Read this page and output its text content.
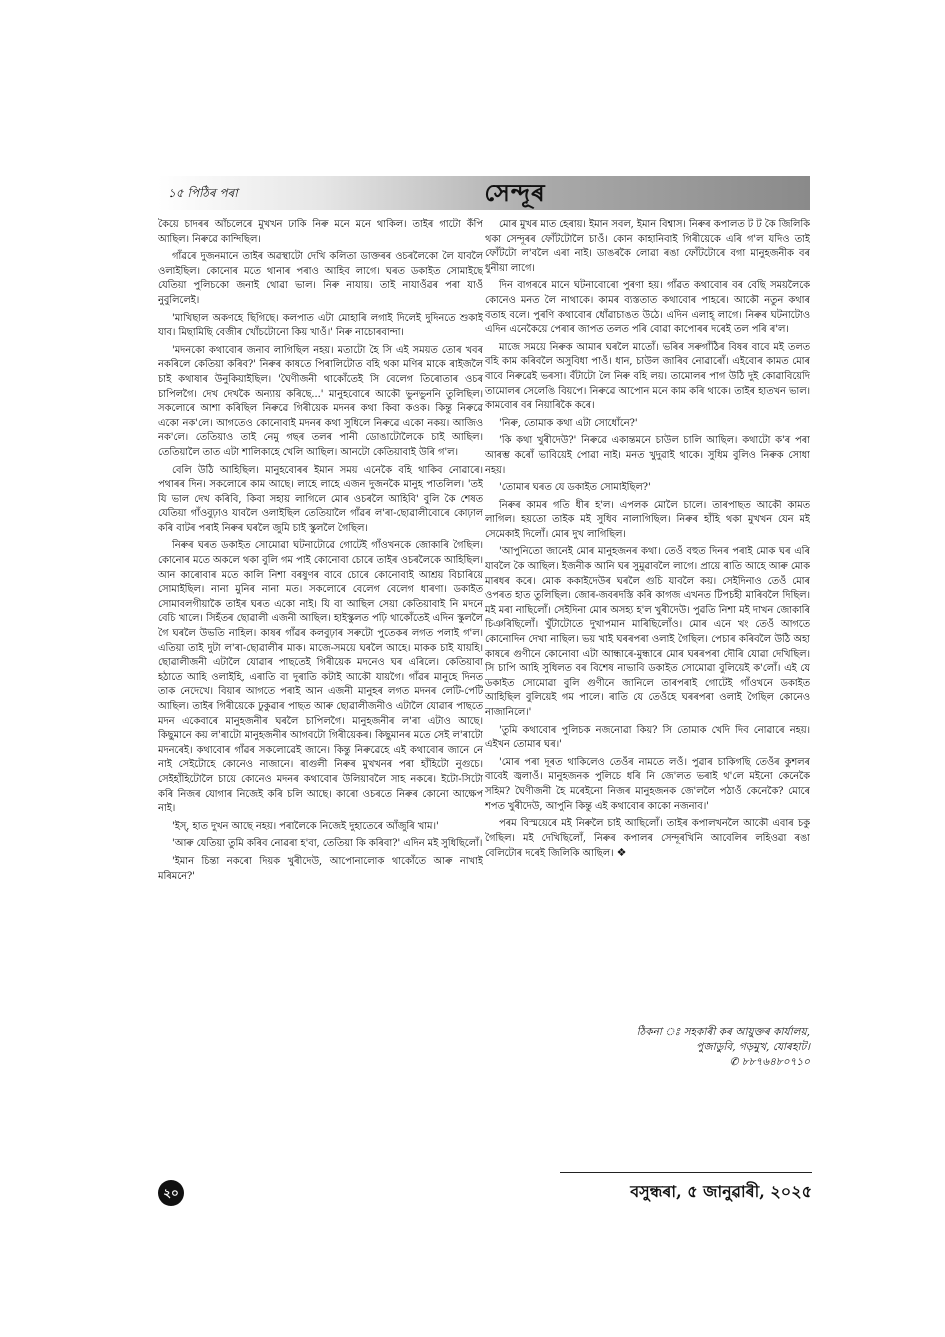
১৫ পিঠিৰ পৰা	সেন্দূৰ

কৈয়ে চাদৰৰ আঁচলেৰে মুখখন ঢাকি নিৰু মনে মনে থাকিল। তাইৰ গাটো কঁপি আছিল। নিৰুৱে কান্দিছিল।

গাঁৱৰে দুজনমানে তাইৰ অৱস্থাটো দেখি কলিতা ডাক্তৰৰ ওচৰলৈকো লৈ যাবলৈ ওলাইছিল। কোনোৰ মতে থানাৰ পৰাও আহিব লাগে। ঘৰত ডকাইত সোমাইছে যেতিয়া পুলিচকো জনাই থোৱা ভাল। নিৰু নাযায়। তাই নাযাওঁৱৰ পৰা যাওঁ নুবুলিলেই।

'মাখিছাল অকণহে ছিগিছে। কলপাত এটা মোহাৰি লগাই দিলেই দুদিনতে শুকাই যাব। মিছামিছি বেজীৰ খোঁচটোনো কিয় খাওঁ।' নিৰু নাচোৰবান্দা।

'মদনকো কথাবোৰ জনাব লাগিছিল নহয়। মতাটো হৈ সি এই সময়ত তোৰ খবৰ নকৰিলে কেতিয়া কৰিব?' নিৰুৰ কাষতে পিৰালিটোত বহি থকা মণিৰ মাকে ৰাইজলৈ চাই কথাষাৰ উনুকিয়াইছিল। 'ঘৈণীজনী থাকোঁতেই সি বেলেগ তিৰোতাৰ ওচৰ চাপিলগৈ। দেখ দেখকৈ অন্যায় কৰিছে...' মানুহবোৰে আকৌ ভুনভুননি তুলিছিল। সকলোৰে আশা কৰিছিল নিৰুৱে গিৰীয়েক মদনৰ কথা কিবা কওক। কিন্তু নিৰুৱে একো নক'লে। আগতেও কোনোবাই মদনৰ কথা সুধিলে নিৰুৱে একো নকয়। আজিও নক'লে। তেতিয়াও তাই নেমু গছৰ তলৰ পানী ডোঙাটোলৈকে চাই আছিল। তেতিয়ালৈ তাত এটা শালিকাহে খেলি আছিল। আনটো কেতিয়াবাই উৰি গ'ল।

বেলি উঠি আহিছিল। মানুহবোৰৰ ইমান সময় এনেকৈ বহি থাকিব নোৱাৰে। পথাৰৰ দিন। সকলোৰে কাম আছে। লাহে লাহে এজন দুজনকৈ মানুহ পাতলিল। 'তই যি ভাল দেখ কৰিবি, কিবা সহায় লাগিলে মোৰ ওচৰলৈ আহিবি' বুলি কৈ শেষত যেতিয়া গাঁওবুঢ়াও যাবলৈ ওলাইছিল তেতিয়ালৈ গাঁৱৰ ল'ৰা-ছোৱালীবোৰে কোঢ়াল কৰি বাটৰ পৰাই নিৰুৰ ঘৰলৈ জুমি চাই স্কুললৈ গৈছিল।

নিৰুৰ ঘৰত ডকাইত সোমোৱা ঘটনাটোৱে গোটেই গাঁওখনকে জোকাৰি গৈছিল। কোনোৰ মতে অকলে থকা বুলি গম পাই কোনোবা চোৰে তাইৰ ওচৰলৈকে আহিছিল। আন কাৰোবাৰ মতে কালি নিশা বৰষুণৰ বাবে চোৰে কোনোবাই আশ্ৰয় বিচাৰিয়ে সোমাইছিল। নানা মুনিৰ নানা মত। সকলোৰে বেলেগ বেলেগ ধাৰণা। ডকাইত সোমাবলগীয়াকৈ তাইৰ ঘৰত একো নাই। যি বা আছিল সেয়া কেতিয়াবাই নি মদনে বেচি খালে। সিহঁতৰ ছোৱালী এজনী আছিল। হাইস্কুলত পঢ়ি থাকোঁতেই এদিন স্কুললৈ গৈ ঘৰলৈ উভতি নাহিল। কাষৰ গাঁৱৰ কলবুঢ়াৰ সৰুটো পুতেকৰ লগত পলাই গ'ল। এতিয়া তাই দুটা ল'ৰা-ছোৱালীৰ মাক। মাজে-সময়ে ঘৰলৈ আহে। মাকক চাই যায়হি। ছোৱালীজনী এটালৈ যোৱাৰ পাছতেই গিৰীয়েক মদনেও ঘৰ এৰিলে। কেতিয়াবা হঠাতে আহি ওলাইহি, এৰাতি বা দুৰাতি কটাই আকৌ যায়গৈ। গাঁৱৰ মানুহে দিনত তাক নেদেখে। বিয়াৰ আগতে পৰাই আন এজনী মানুহৰ লগত মদনৰ লেটি-পেটি আছিল। তাইৰ গিৰীয়েকে ঢুকুৱাৰ পাছত আৰু ছোৱালীজনীও এটালৈ যোৱাৰ পাছতে মদন একেবাৰে মানুহজনীৰ ঘৰলৈ চাপিলগৈ। মানুহজনীৰ ল'ৰা এটাও আছে। কিছুমানে কয় ল'ৰাটো মানুহজনীৰ আগবটো গিৰীয়েকৰ। কিছুমানৰ মতে সেই ল'ৰাটো মদনৰেই। কথাবোৰ গাঁৱৰ সকলোৱেই জানে। কিন্তু নিৰুৱেহে এই কথাবোৰ জানে নে নাই সেইটোহে কোনেও নাজানে। ৰাগুলী নিৰুৰ মুখখনৰ পৰা হাঁহিটো নুগুচে। সেইহাঁহিটোলৈ চায়ে কোনেও মদনৰ কথাবোৰ উলিয়াবলৈ সাহ নকৰে। ইটো-সিটো কৰি নিজৰ যোগাৰ নিজেই কৰি চলি আছে। কাৰো ওচৰতে নিৰুৰ কোনো আক্ষেপ নাই।

'ইস্, হাত দুখন আছে নহয়। পৰালৈকে নিজেই দুহাতেৰে আঁজুৰি খাম।'

'আৰু যেতিয়া তুমি কৰিব নোৱৰা হ'বা, তেতিয়া কি কৰিবা?' এদিন মই সুধিছিলোঁ।

'ইমান চিন্তা নকৰো দিয়ক খুৰীদেউ, আপোনালোক থাকোঁতে আৰু নাখাই মৰিমনে?'

মোৰ মুখৰ মাত হেৰায়। ইমান সবল, ইমান বিশ্বাস। নিৰুৰ কপালত ট ট কৈ জিলিকি থকা সেন্দূৰৰ ফোঁটটোলৈ চাওঁ। কোন কাহানিবাই গিৰীয়েকে এৰি গ'ল যদিও তাই ফোঁটটো ল'বলৈ এৰা নাই। ডাঙৰকৈ লোৱা ৰঙা ফোঁটটোৰে বগা মানুহজনীক বৰ ধুনীয়া লাগে।

দিন বাগৰৰে মানে ঘটনাবোৰো পুৰণা হয়। গাঁৱত কথাবোৰ বৰ বেছি সময়লৈকে কোনেও মনত লৈ নাথাকে। কামৰ ব্যস্ততাত কথাবোৰ পাহৰে। আকৌ নতুন কথাৰ বতাহ বলে। পুৰণি কথাবোৰ ধোঁৱাচাঙত উঠে। এদিন এলাহ্ লাগে। নিৰুৰ ঘটনাটোও এদিন এনেকৈয়ে পেৰাৰ জাপত তলত পৰি বোৱা কাপোৰৰ দৰেই তল পৰি ৰ'ল।

মাজে সময়ে নিৰুক আমাৰ ঘৰলৈ মাতোঁ। ভৰিৰ সৰুগাঁঠিৰ বিষৰ বাবে মই তলত বহি কাম কৰিবলৈ অসুবিধা পাওঁ। ধান, চাউল জাৰিব নোৱাৰোঁ। এইবোৰ কামত মোৰ বাবে নিৰুৱেই ভৰসা। বঁটাটো লৈ নিৰু বহি লয়। তামোলৰ পাগ উঠি দুই কোৱাবিয়েদি তামোলৰ সেলেঙি বিয়পে। নিৰুৱে আপোন মনে কাম কৰি থাকে। তাইৰ হাতখন ভাল। কামবোৰ বৰ নিয়াৰিকৈ কৰে।

'নিৰু, তোমাক কথা এটা সোধোঁনে?'

'কি কথা খুৰীদেউ?' নিৰুৱে একান্তমনে চাউল চালি আছিল। কথাটো ক'ৰ পৰা আৰম্ভ কৰোঁ ভাবিয়েই পোৱা নাই। মনত খুদুৱাই থাকে। সুধিম বুলিও নিৰুক সোধা নহয়।

'তোমাৰ ঘৰত যে ডকাইত সোমাইছিল?'

নিৰুৰ কামৰ গতি ধীৰ হ'ল। এপলক মোলৈ চালে। তাৰপাছত আকৌ কামত লাগিল। হয়তো তাইক মই সুধিব নালাগিছিল। নিৰুৰ হাঁহি থকা মুখখন যেন মই সেমেকাই দিলোঁ। মোৰ দুখ লাগিছিল।

'আপুনিতো জানেই মোৰ মানুহজনৰ কথা। তেওঁ বহুত দিনৰ পৰাই মোক ঘৰ এৰি যাবলৈ কৈ আছিল। ইজনীক আনি ঘৰ সুমুৱাবলৈ লাগে। প্ৰায়ে ৰাতি আহে আৰু মোক মাৰধৰ কৰে। মোক ককাইদেউৰ ঘৰলৈ গুচি যাবলৈ কয়। সেইদিনাও তেওঁ মোৰ ওপৰত হাত তুলিছিল। জোৰ-জবৰদস্তি কৰি কাগজ এখনত টিপচহী মাৰিবলৈ দিছিল। মই মৰা নাছিলোঁ। সেইদিনা মোৰ অসহ্য হ'ল খুৰীদেউ। পুৱতি নিশা মই দাখন জোকাৰি চিঞৰিছিলোঁ। খুঁটাটোতে দুখাপমান মাৰিছিলোঁও। মোৰ এনে খং তেওঁ আগতে কোনোদিন দেখা নাছিল। ভয় খাই ঘৰৰপৰা ওলাই গৈছিল। পেচাৰ কৰিবলৈ উঠি অহা কাষৰে গুণীনে কোনোবা এটা আন্ধাৰে-মুন্ধাৰে মোৰ ঘৰৰপৰা দৌৰি যোৱা দেখিছিল। সি চাপি আহি সুধিলত বৰ বিশেষ নাভাবি ডকাইত সোমোৱা বুলিয়েই ক'লোঁ। এই যে ডকাইত সোমোৱা বুলি গুণীনে জানিলে তাৰপৰাই গোটেই গাঁওখনে ডকাইত আহিছিল বুলিয়েই গম পালে। ৰাতি যে তেওঁহে ঘৰৰপৰা ওলাই গৈছিল কোনেও নাজানিলে।'

'তুমি কথাবোৰ পুলিচক নজনোৱা কিয়? সি তোমাক খেদি দিব নোৱাৰে নহয়। এইখন তোমাৰ ঘৰ।'

'মোৰ পৰা দূৰত থাকিলেও তেওঁৰ নামতে লওঁ। পুৱাৰ চাকিগছি তেওঁৰ কুশলৰ বাবেই জ্বলাওঁ। মানুহজনক পুলিচে ধৰি নি জে'লত ভৰাই থ'লে মইনো কেনেকৈ সহিম? ঘৈণীজনী হৈ মৰেইনো নিজৰ মানুহজনক জে'ললৈ পঠাওঁ কেনেকৈ? মোৰে শপত খুৰীদেউ, আপুনি কিন্তু এই কথাবোৰ কাকো নজনাব।'

পৰম বিস্ময়েৰে মই নিৰুলৈ চাই আছিলোঁ। তাইৰ কপালখনলৈ আকৌ এবাৰ চকু গৈছিল। মই দেখিছিলোঁ, নিৰুৰ কপালৰ সেন্দূৰখিনি আবেলিৰ লহিওৱা ৰঙা বেলিটোৰ দৰেই জিলিকি আছিল। ❖

ঠিকনা ঃ সহকাৰী কৰ আয়ুক্তৰ কাৰ্যালয়,
পুজাডুবি, গড়মুখ, যোৰহাট।
✆ ৮৮৭৬৪৮০৭১০
২০	বসুন্ধৰা, ৫ জানুৱাৰী, ২০২৫
